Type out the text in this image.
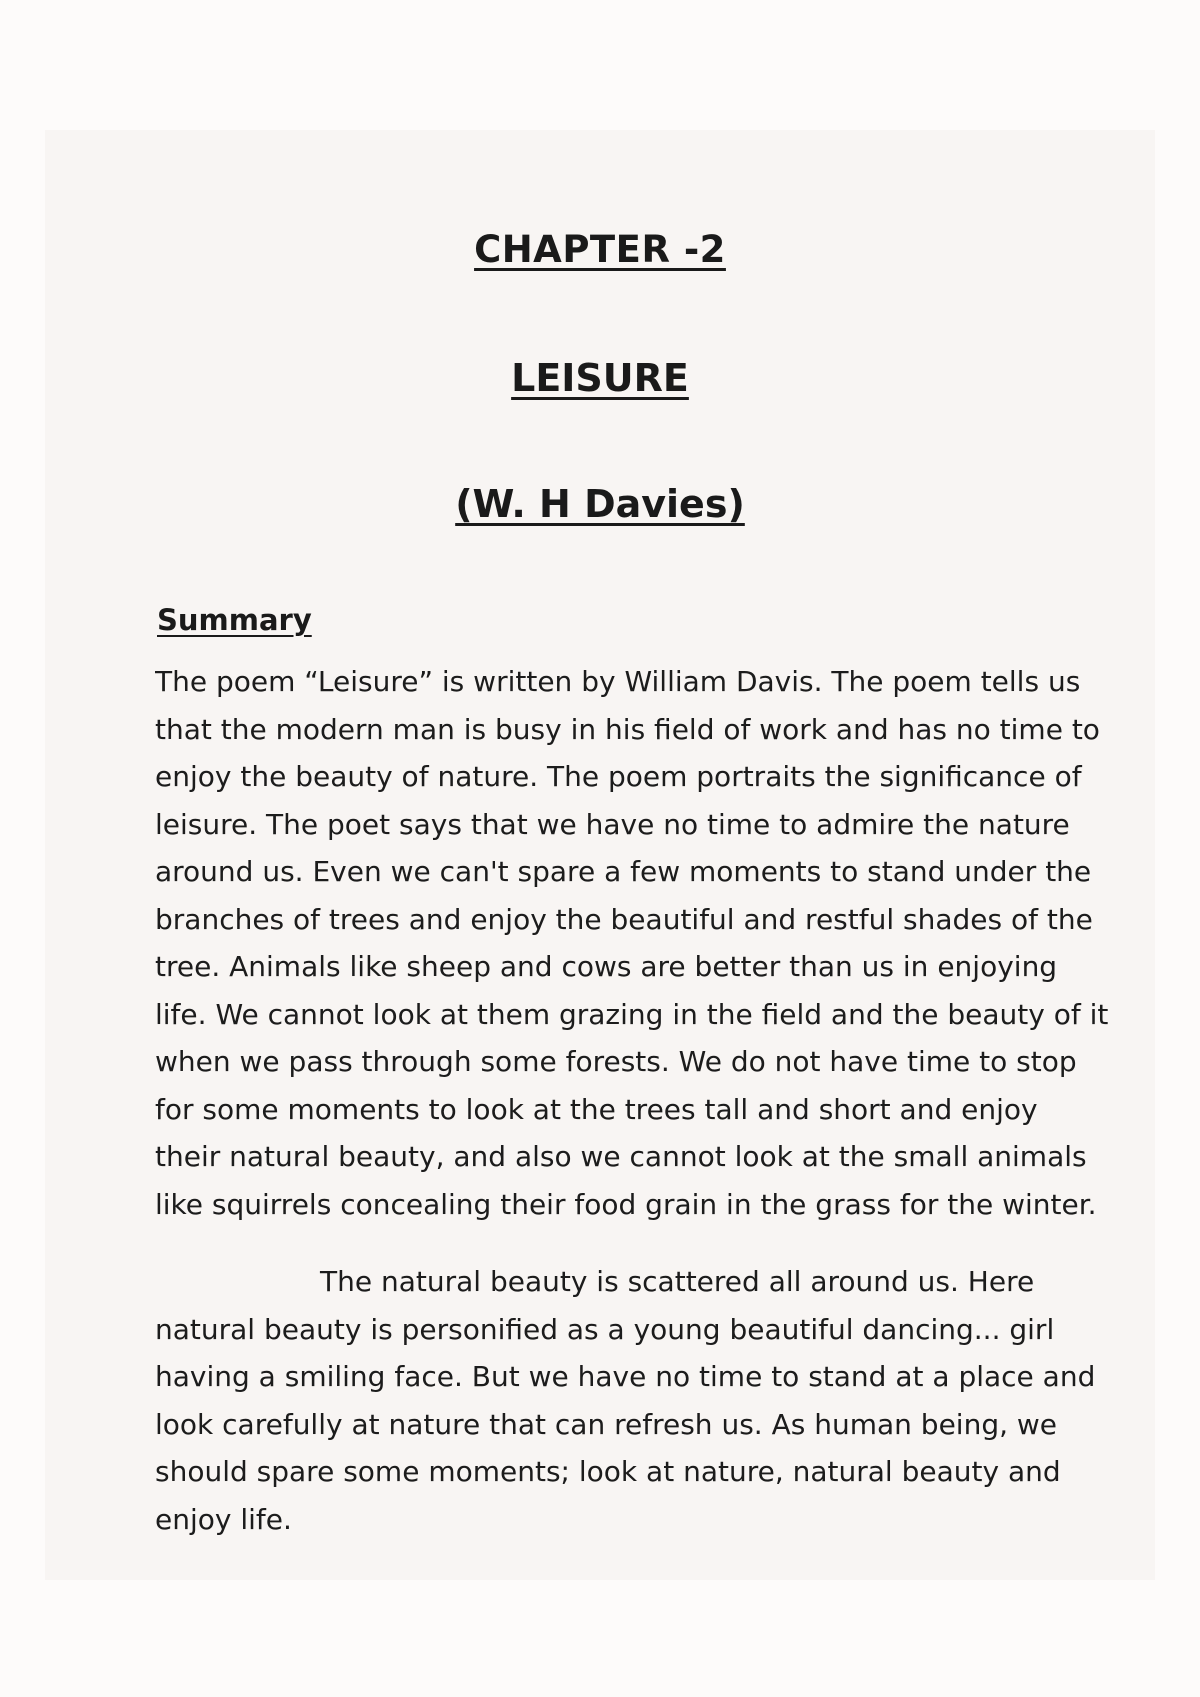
CHAPTER -2
LEISURE
(W. H Davies)
Summary
The poem “Leisure” is written by William Davis. The poem tells us
that the modern man is busy in his field of work and has no time to
enjoy the beauty of nature. The poem portraits the significance of
leisure. The poet says that we have no time to admire the nature
around us. Even we can't spare a few moments to stand under the
branches of trees and enjoy the beautiful and restful shades of the
tree. Animals like sheep and cows are better than us in enjoying
life. We cannot look at them grazing in the field and the beauty of it
when we pass through some forests. We do not have time to stop
for some moments to look at the trees tall and short and enjoy
their natural beauty, and also we cannot look at the small animals
like squirrels concealing their food grain in the grass for the winter.
The natural beauty is scattered all around us. Here
natural beauty is personified as a young beautiful dancing... girl
having a smiling face. But we have no time to stand at a place and
look carefully at nature that can refresh us. As human being, we
should spare some moments; look at nature, natural beauty and
enjoy life.
